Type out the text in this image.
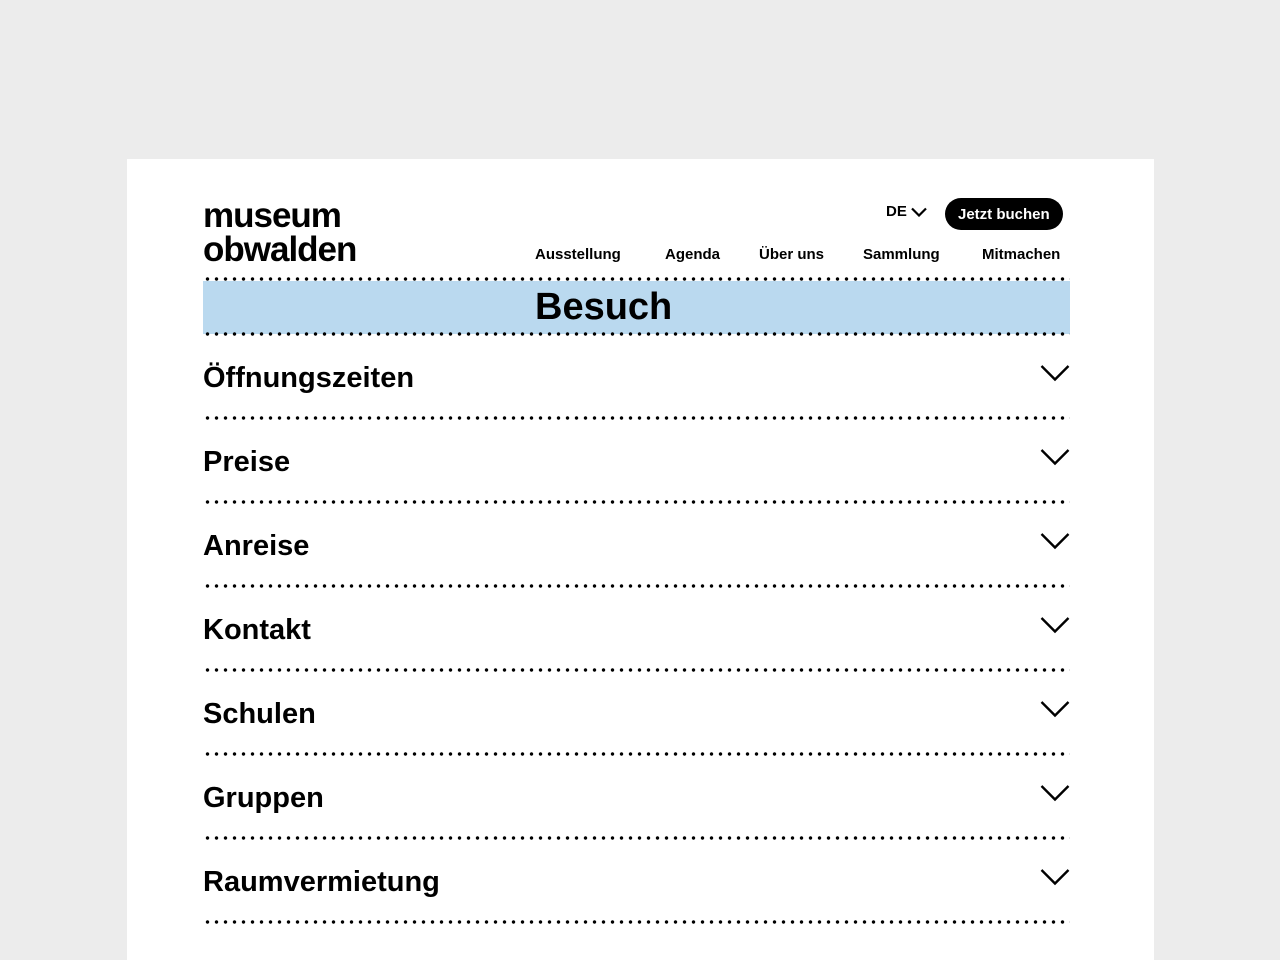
museum
obwalden
DE	Jetzt buchen
Ausstellung	Agenda	Über uns	Sammlung	Mitmachen
Besuch
Öffnungszeiten
Preise
Anreise
Kontakt
Schulen
Gruppen
Raumvermietung
